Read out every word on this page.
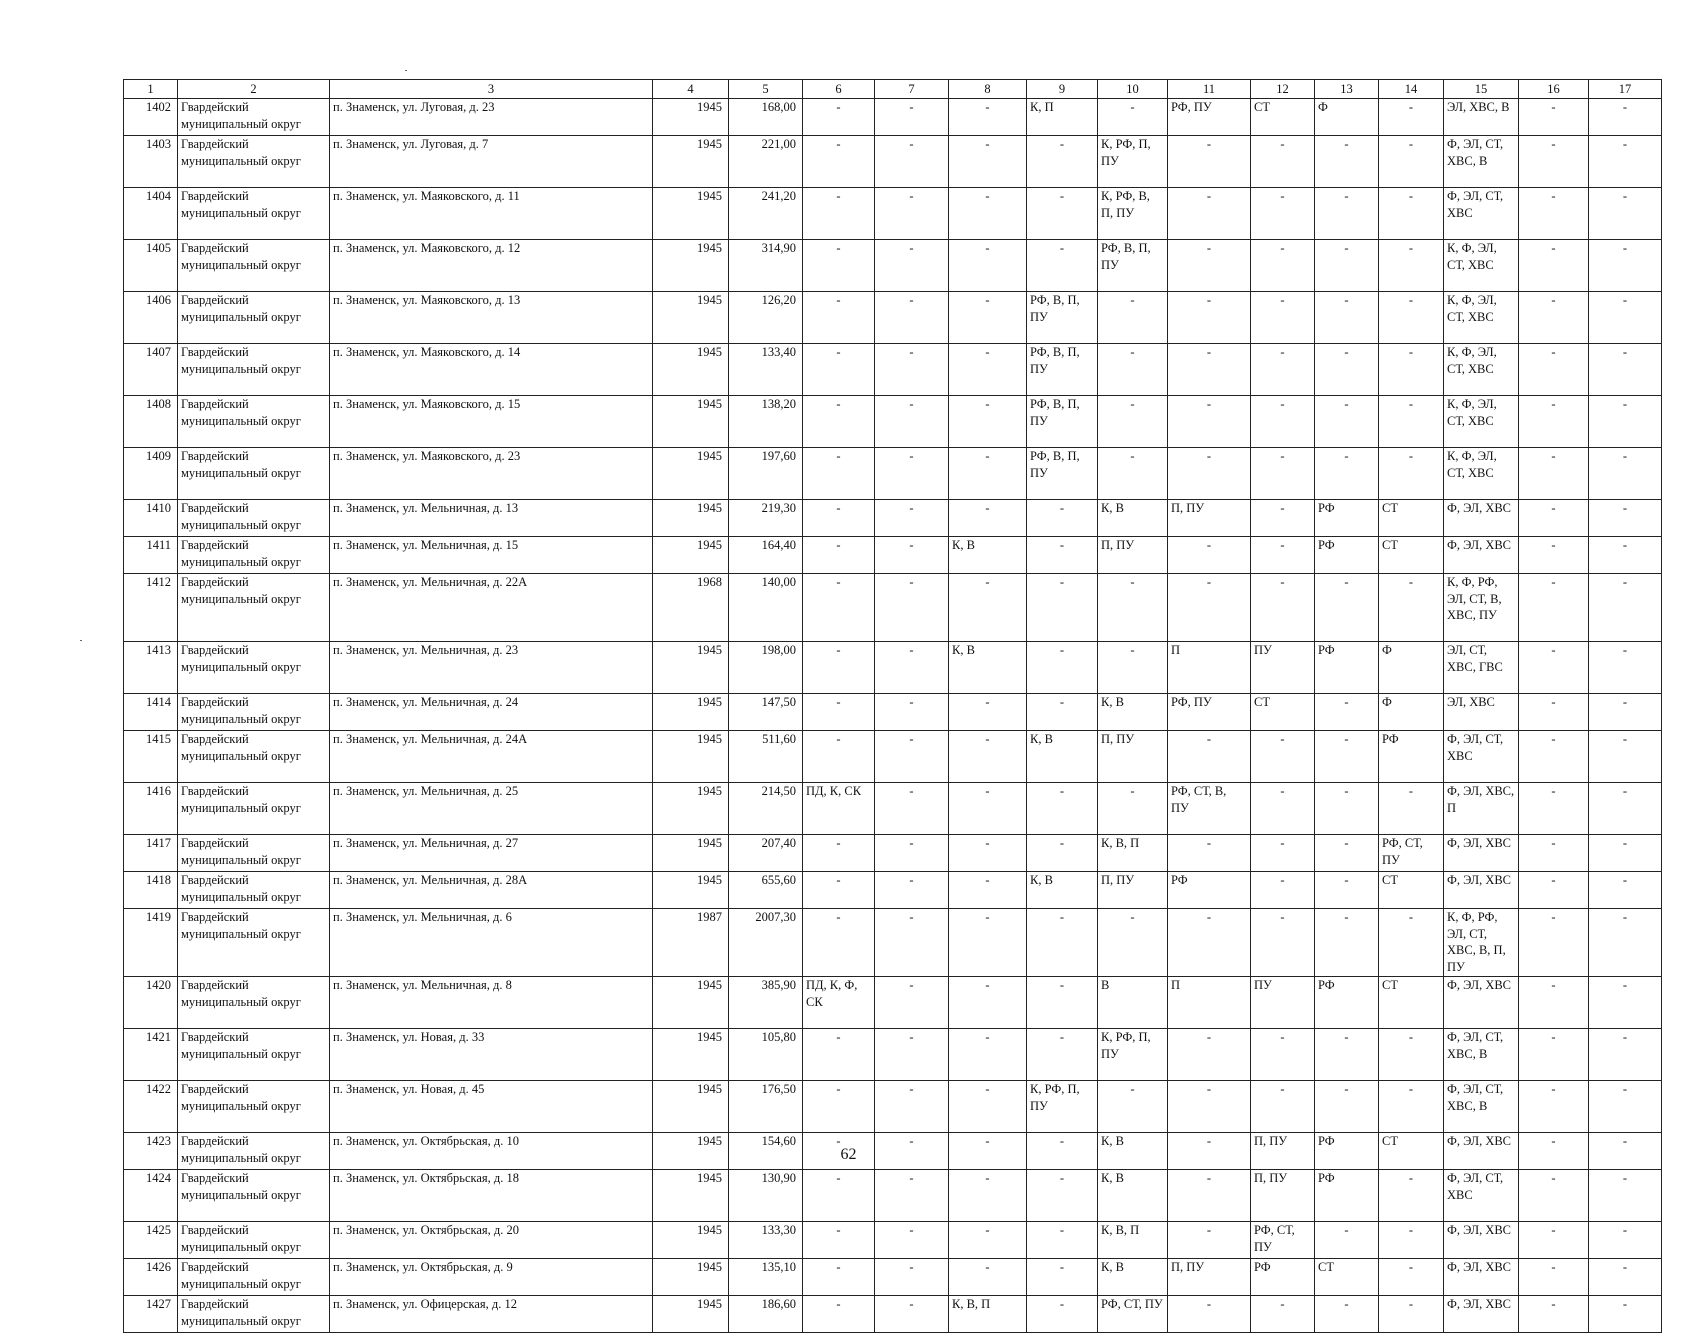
1	2	3	4	5	6	7	8	9	10	11	12	13	14	15	16	17
1402	Гвардейский муниципальный округ	п. Знаменск, ул. Луговая, д. 23	1945	168,00	-	-	-	К, П	-	РФ, ПУ	СТ	Ф	-	ЭЛ, ХВС, В	-	-
1403	Гвардейский муниципальный округ	п. Знаменск, ул. Луговая, д. 7	1945	221,00	-	-	-	-	К, РФ, П, ПУ	-	-	-	-	Ф, ЭЛ, СТ, ХВС, В	-	-
1404	Гвардейский муниципальный округ	п. Знаменск, ул. Маяковского, д. 11	1945	241,20	-	-	-	-	К, РФ, В, П, ПУ	-	-	-	-	Ф, ЭЛ, СТ, ХВС	-	-
1405	Гвардейский муниципальный округ	п. Знаменск, ул. Маяковского, д. 12	1945	314,90	-	-	-	-	РФ, В, П, ПУ	-	-	-	-	К, Ф, ЭЛ, СТ, ХВС	-	-
1406	Гвардейский муниципальный округ	п. Знаменск, ул. Маяковского, д. 13	1945	126,20	-	-	-	РФ, В, П, ПУ	-	-	-	-	-	К, Ф, ЭЛ, СТ, ХВС	-	-
1407	Гвардейский муниципальный округ	п. Знаменск, ул. Маяковского, д. 14	1945	133,40	-	-	-	РФ, В, П, ПУ	-	-	-	-	-	К, Ф, ЭЛ, СТ, ХВС	-	-
1408	Гвардейский муниципальный округ	п. Знаменск, ул. Маяковского, д. 15	1945	138,20	-	-	-	РФ, В, П, ПУ	-	-	-	-	-	К, Ф, ЭЛ, СТ, ХВС	-	-
1409	Гвардейский муниципальный округ	п. Знаменск, ул. Маяковского, д. 23	1945	197,60	-	-	-	РФ, В, П, ПУ	-	-	-	-	-	К, Ф, ЭЛ, СТ, ХВС	-	-
1410	Гвардейский муниципальный округ	п. Знаменск, ул. Мельничная, д. 13	1945	219,30	-	-	-	-	К, В	П, ПУ	-	РФ	СТ	Ф, ЭЛ, ХВС	-	-
1411	Гвардейский муниципальный округ	п. Знаменск, ул. Мельничная, д. 15	1945	164,40	-	-	К, В	-	П, ПУ	-	-	РФ	СТ	Ф, ЭЛ, ХВС	-	-
1412	Гвардейский муниципальный округ	п. Знаменск, ул. Мельничная, д. 22А	1968	140,00	-	-	-	-	-	-	-	-	-	К, Ф, РФ, ЭЛ, СТ, В, ХВС, ПУ	-	-
1413	Гвардейский муниципальный округ	п. Знаменск, ул. Мельничная, д. 23	1945	198,00	-	-	К, В	-	-	П	ПУ	РФ	Ф	ЭЛ, СТ, ХВС, ГВС	-	-
1414	Гвардейский муниципальный округ	п. Знаменск, ул. Мельничная, д. 24	1945	147,50	-	-	-	-	К, В	РФ, ПУ	СТ	-	Ф	ЭЛ, ХВС	-	-
1415	Гвардейский муниципальный округ	п. Знаменск, ул. Мельничная, д. 24А	1945	511,60	-	-	-	К, В	П, ПУ	-	-	-	РФ	Ф, ЭЛ, СТ, ХВС	-	-
1416	Гвардейский муниципальный округ	п. Знаменск, ул. Мельничная, д. 25	1945	214,50	ПД, К, СК	-	-	-	-	РФ, СТ, В, ПУ	-	-	-	Ф, ЭЛ, ХВС, П	-	-
1417	Гвардейский муниципальный округ	п. Знаменск, ул. Мельничная, д. 27	1945	207,40	-	-	-	-	К, В, П	-	-	-	РФ, СТ, ПУ	Ф, ЭЛ, ХВС	-	-
1418	Гвардейский муниципальный округ	п. Знаменск, ул. Мельничная, д. 28А	1945	655,60	-	-	-	К, В	П, ПУ	РФ	-	-	СТ	Ф, ЭЛ, ХВС	-	-
1419	Гвардейский муниципальный округ	п. Знаменск, ул. Мельничная, д. 6	1987	2007,30	-	-	-	-	-	-	-	-	-	К, Ф, РФ, ЭЛ, СТ, ХВС, В, П, ПУ	-	-
1420	Гвардейский муниципальный округ	п. Знаменск, ул. Мельничная, д. 8	1945	385,90	ПД, К, Ф, СК	-	-	-	В	П	ПУ	РФ	СТ	Ф, ЭЛ, ХВС	-	-
1421	Гвардейский муниципальный округ	п. Знаменск, ул. Новая, д. 33	1945	105,80	-	-	-	-	К, РФ, П, ПУ	-	-	-	-	Ф, ЭЛ, СТ, ХВС, В	-	-
1422	Гвардейский муниципальный округ	п. Знаменск, ул. Новая, д. 45	1945	176,50	-	-	-	К, РФ, П, ПУ	-	-	-	-	-	Ф, ЭЛ, СТ, ХВС, В	-	-
1423	Гвардейский муниципальный округ	п. Знаменск, ул. Октябрьская, д. 10	1945	154,60	-	-	-	-	К, В	-	П, ПУ	РФ	СТ	Ф, ЭЛ, ХВС	-	-
1424	Гвардейский муниципальный округ	п. Знаменск, ул. Октябрьская, д. 18	1945	130,90	-	-	-	-	К, В	-	П, ПУ	РФ	-	Ф, ЭЛ, СТ, ХВС	-	-
1425	Гвардейский муниципальный округ	п. Знаменск, ул. Октябрьская, д. 20	1945	133,30	-	-	-	-	К, В, П	-	РФ, СТ, ПУ	-	-	Ф, ЭЛ, ХВС	-	-
1426	Гвардейский муниципальный округ	п. Знаменск, ул. Октябрьская, д. 9	1945	135,10	-	-	-	-	К, В	П, ПУ	РФ	СТ	-	Ф, ЭЛ, ХВС	-	-
1427	Гвардейский муниципальный округ	п. Знаменск, ул. Офицерская, д. 12	1945	186,60	-	-	К, В, П	-	РФ, СТ, ПУ	-	-	-	-	Ф, ЭЛ, ХВС	-	-
62
